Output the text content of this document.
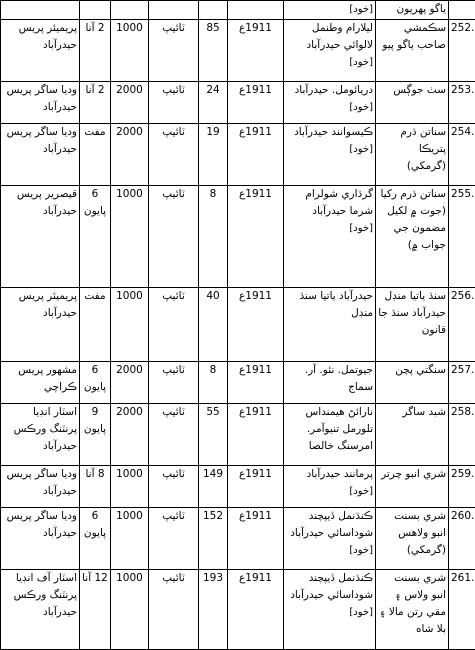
	ياگو پهريون	[خود]						

252.	سڪمشي صاحب ياگو پيو	ليلارام وطنمل لالوائي حيدرآباد
[خود]	1911ع	85	ٽائيپ	1000	2 آنا	پريميئر پريس حيدرآباد
253.	سٺ جوڳس	دريائومل. حيدرآباد
[خود]	1911ع	24	ٽائيپ	2000	2 آنا	وديا ساگر پريس حيدرآباد
254.	سناتن ڌرم پتريڪا (گرمکي)	ڪيسوانند حيدرآباد
[خود]	1911ع	19	ٽائيپ	2000	مفت	وديا ساگر پريس حيدرآباد
255.	سناتن ڌرم رکيا (جوت ۾ لکيل مضمون جي جواب ۾)	گرڌاري شولرام شرما حيدرآباد
[خود]	1911ع	8	ٽائيپ	1000	6 پايون	قيصرير پريس حيدرآباد
256.	سنڌ ياتيا منڊل حيدرآباد سنڌ جا قانون	حيدرآباد ياتيا سنڌ منڊل	1911ع	40	ٽائيپ	1000	مفت	پريميئر پريس حيدرآباد
257.	سنگتي پچن	جيوتمل. نئو. آر. سماج	1911ع	8	ٽائيپ	2000	6 پايون	مشهور پريس ڪراچي
258.	شبد ساگر	نارائڻ هيمنداس تلورمل تنيوآمر. امرسنگ خالصا	1911ع	55	ٽائيپ	2000	9 پايون	اسٽار انڊيا پرنٽنگ ورڪس حيدرآباد
259.	شري انبو چرتر	پرمانند حيدرآباد
[خود]	1911ع	149	ٽائيپ	1000	8 آنا	وديا ساگر پريس حيدرآباد
260.	شري بسنت انبو ولاهس (گرمکي)	ڪنڌنمل ڏيپچند شوداسائي حيدرآباد
[خود]	1911ع	152	ٽائيپ	1000	6 پايون	وديا ساگر پريس حيدرآباد
261.	شري بسنت انبو ولاس ۽ مقي رتن مالا ۽ بلا شاه	ڪنڌنمل ڏيپچند شوداسائي حيدرآباد
[خود]	1911ع	193	ٽائيپ	1000	12 آنا	اسٽار آف انڊيا پرنٽنگ ورڪس حيدرآباد
